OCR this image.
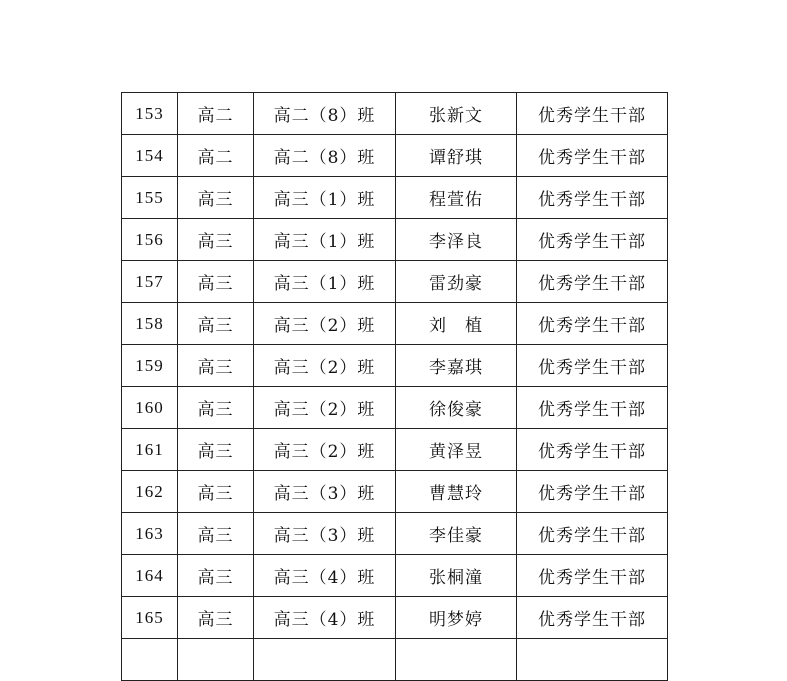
153	高二	高二（8）班	张新文	优秀学生干部
154	高二	高二（8）班	谭舒琪	优秀学生干部
155	高三	高三（1）班	程萱佑	优秀学生干部
156	高三	高三（1）班	李泽良	优秀学生干部
157	高三	高三（1）班	雷劲豪	优秀学生干部
158	高三	高三（2）班	刘　植	优秀学生干部
159	高三	高三（2）班	李嘉琪	优秀学生干部
160	高三	高三（2）班	徐俊豪	优秀学生干部
161	高三	高三（2）班	黄泽昱	优秀学生干部
162	高三	高三（3）班	曹慧玲	优秀学生干部
163	高三	高三（3）班	李佳豪	优秀学生干部
164	高三	高三（4）班	张桐潼	优秀学生干部
165	高三	高三（4）班	明梦婷	优秀学生干部
